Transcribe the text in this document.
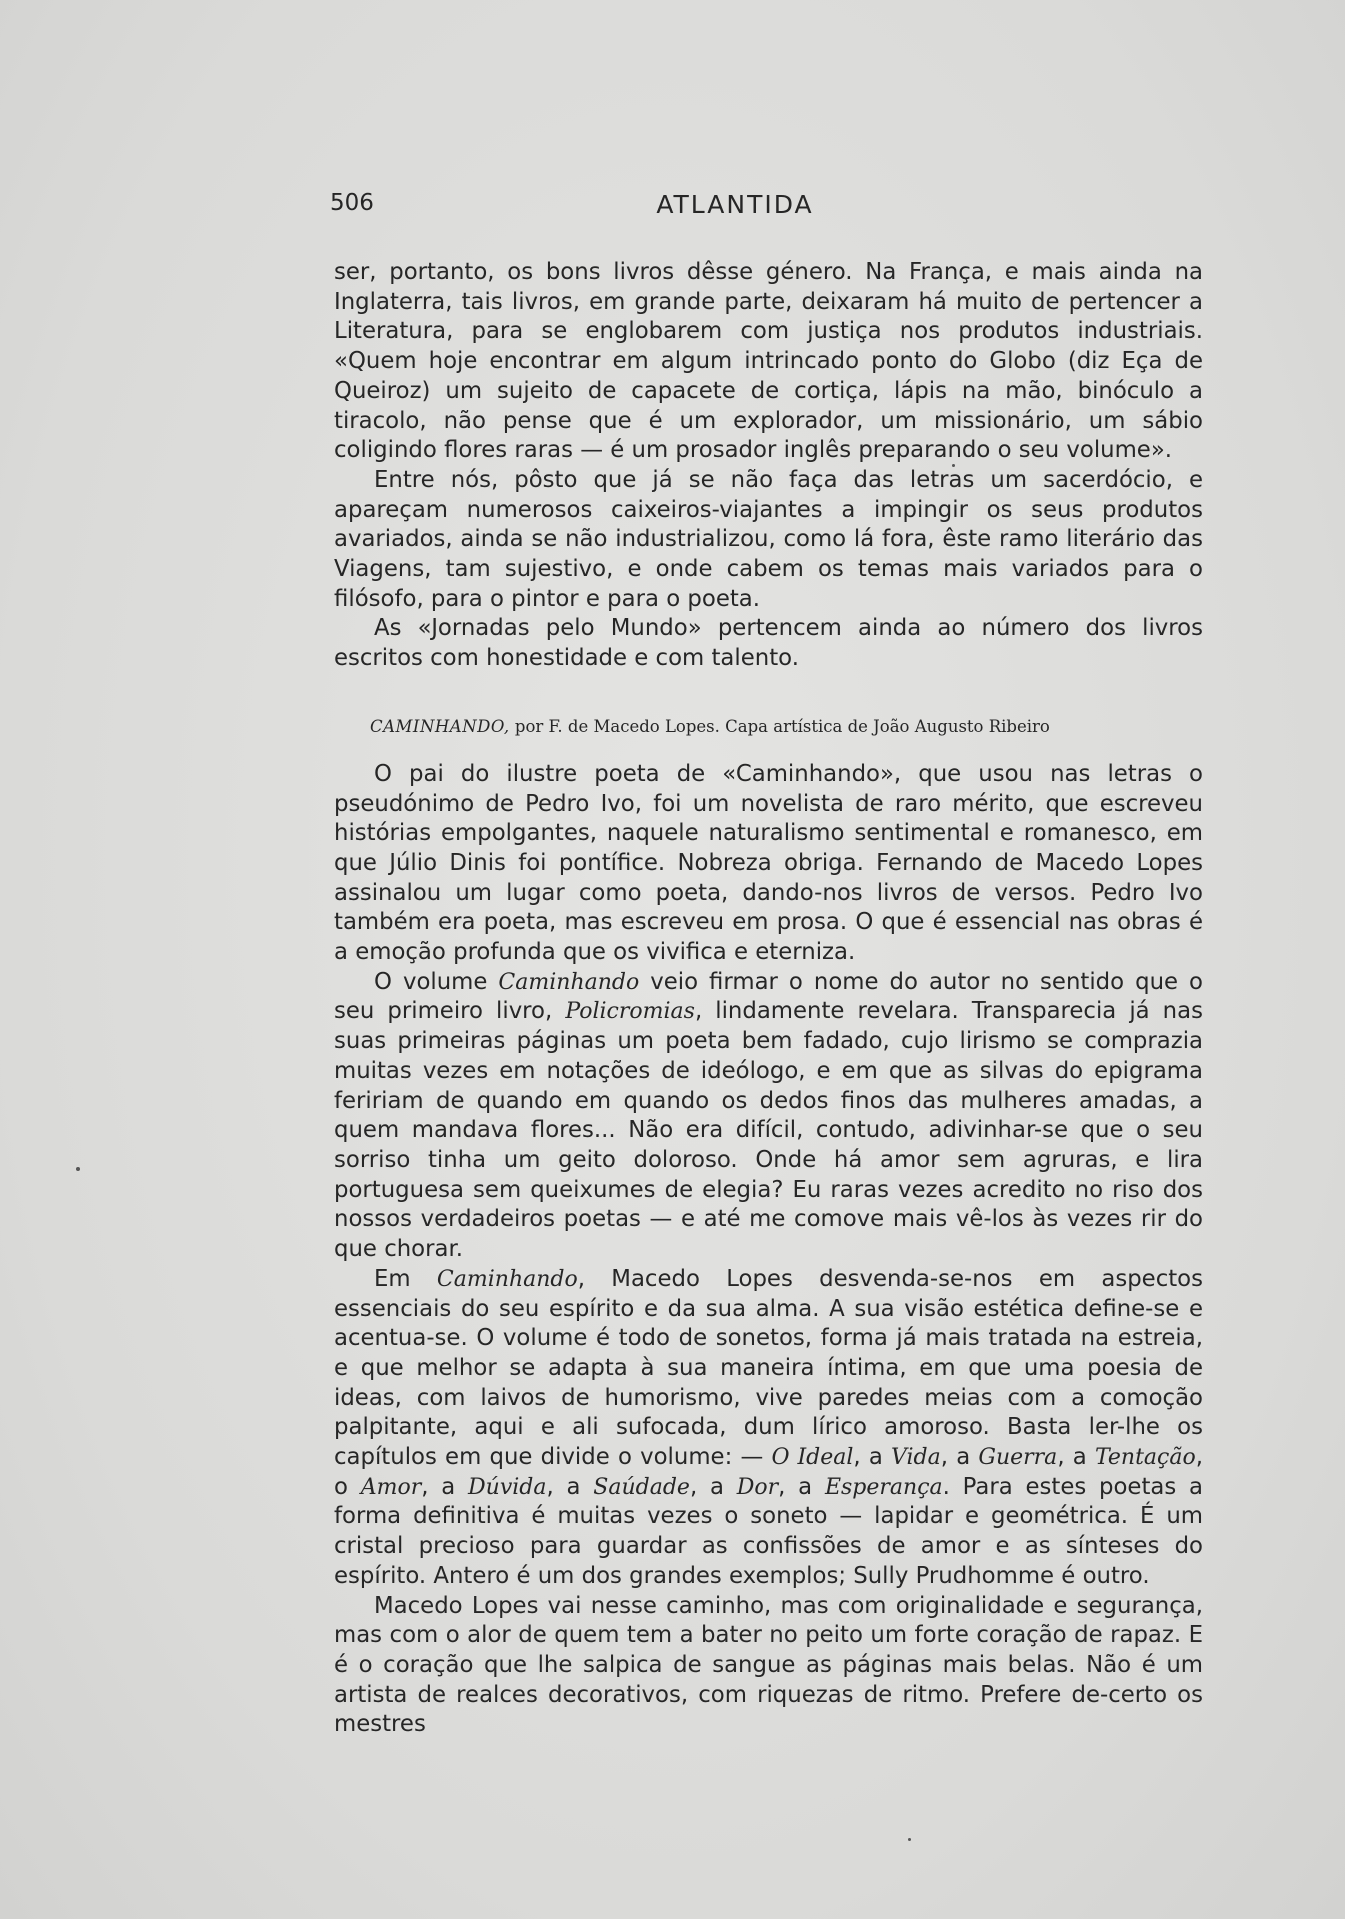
506	ATLANTIDA

ser, portanto, os bons livros dêsse género. Na França, e mais ainda na Inglaterra, tais livros, em grande parte, deixaram há muito de pertencer a Literatura, para se englobarem com justiça nos produtos industriais. «Quem hoje encontrar em algum intrincado ponto do Globo (diz Eça de Queiroz) um sujeito de capacete de cortiça, lápis na mão, binóculo a tiracolo, não pense que é um explorador, um missionário, um sábio coligindo flores raras — é um prosador inglês preparando o seu volume».

Entre nós, pôsto que já se não faça das letras um sacerdócio, e apareçam numerosos caixeiros-viajantes a impingir os seus produtos avariados, ainda se não industrializou, como lá fora, êste ramo literário das Viagens, tam sujestivo, e onde cabem os temas mais variados para o filósofo, para o pintor e para o poeta.

As «Jornadas pelo Mundo» pertencem ainda ao número dos livros escritos com honestidade e com talento.

CAMINHANDO, por F. de Macedo Lopes. Capa artística de João Augusto Ribeiro

O pai do ilustre poeta de «Caminhando», que usou nas letras o pseudónimo de Pedro Ivo, foi um novelista de raro mérito, que escreveu histórias empolgantes, naquele naturalismo sentimental e romanesco, em que Júlio Dinis foi pontífice. Nobreza obriga. Fernando de Macedo Lopes assinalou um lugar como poeta, dando-nos livros de versos. Pedro Ivo também era poeta, mas escreveu em prosa. O que é essencial nas obras é a emoção profunda que os vivifica e eterniza.

O volume Caminhando veio firmar o nome do autor no sentido que o seu primeiro livro, Policromias, lindamente revelara. Transparecia já nas suas primeiras páginas um poeta bem fadado, cujo lirismo se comprazia muitas vezes em notações de ideólogo, e em que as silvas do epigrama feririam de quando em quando os dedos finos das mulheres amadas, a quem mandava flores... Não era difícil, contudo, adivinhar-se que o seu sorriso tinha um geito doloroso. Onde há amor sem agruras, e lira portuguesa sem queixumes de elegia? Eu raras vezes acredito no riso dos nossos verdadeiros poetas — e até me comove mais vê-los às vezes rir do que chorar.

Em Caminhando, Macedo Lopes desvenda-se-nos em aspectos essenciais do seu espírito e da sua alma. A sua visão estética define-se e acentua-se. O volume é todo de sonetos, forma já mais tratada na estreia, e que melhor se adapta à sua maneira íntima, em que uma poesia de ideas, com laivos de humorismo, vive paredes meias com a comoção palpitante, aqui e ali sufocada, dum lírico amoroso. Basta ler-lhe os capítulos em que divide o volume: — O Ideal, a Vida, a Guerra, a Tentação, o Amor, a Dúvida, a Saúdade, a Dor, a Esperança. Para estes poetas a forma definitiva é muitas vezes o soneto — lapidar e geométrica. É um cristal precioso para guardar as confissões de amor e as sínteses do espírito. Antero é um dos grandes exemplos; Sully Prudhomme é outro.

Macedo Lopes vai nesse caminho, mas com originalidade e segurança, mas com o alor de quem tem a bater no peito um forte coração de rapaz. E é o coração que lhe salpica de sangue as páginas mais belas. Não é um artista de realces decorativos, com riquezas de ritmo. Prefere de-certo os mestres
